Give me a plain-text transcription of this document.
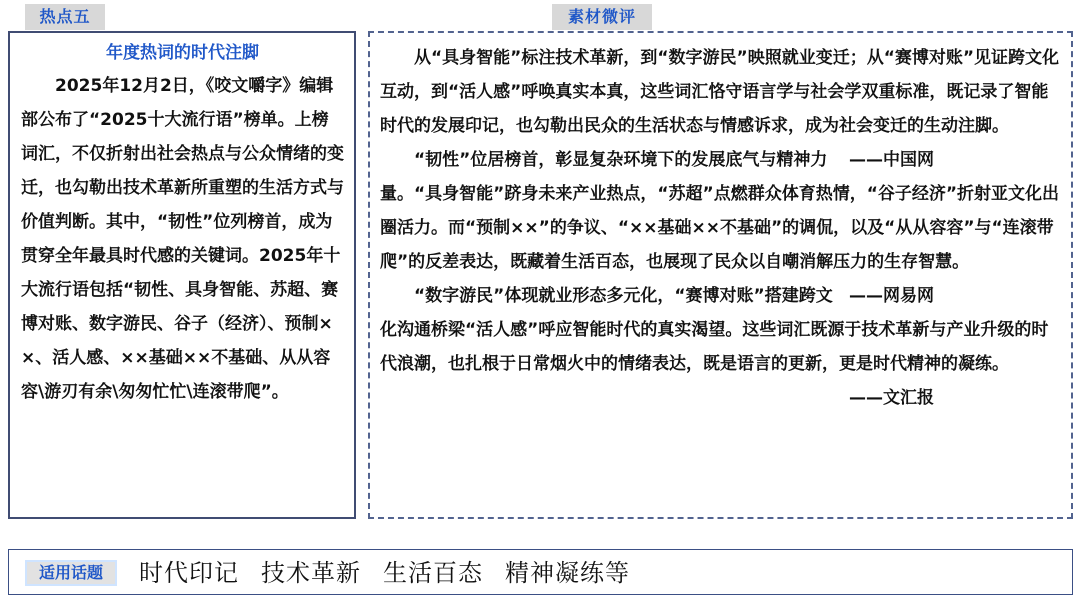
热点五	素材微评
年度热词的时代注脚

2025年12月2日，《咬文嚼字》编辑部公布了“2025十大流行语”榜单。上榜词汇，不仅折射出社会热点与公众情绪的变迁，也勾勒出技术革新所重塑的生活方式与价值判断。其中，“韧性”位列榜首，成为贯穿全年最具时代感的关键词。2025年十大流行语包括“韧性、具身智能、苏超、赛博对账、数字游民、谷子（经济）、预制××、活人感、××基础××不基础、从从容容\游刃有余\匆匆忙忙\连滚带爬”。

从“具身智能”标注技术革新，到“数字游民”映照就业变迁；从“赛博对账”见证跨文化互动，到“活人感”呼唤真实本真，这些词汇恪守语言学与社会学双重标准，既记录了智能时代的发展印记，也勾勒出民众的生活状态与情感诉求，成为社会变迁的生动注脚。
——中国网

“韧性”位居榜首，彰显复杂环境下的发展底气与精神力量。“具身智能”跻身未来产业热点，“苏超”点燃群众体育热情，“谷子经济”折射亚文化出圈活力。而“预制××”的争议、“××基础××不基础”的调侃，以及“从从容容”与“连滚带爬”的反差表达，既藏着生活百态，也展现了民众以自嘲消解压力的生存智慧。
——网易网

“数字游民”体现就业形态多元化，“赛博对账”搭建跨文化沟通桥梁“活人感”呼应智能时代的真实渴望。这些词汇既源于技术革新与产业升级的时代浪潮，也扎根于日常烟火中的情绪表达，既是语言的更新，更是时代精神的凝练。
——文汇报

适用话题	时代印记 技术革新 生活百态 精神凝练等
